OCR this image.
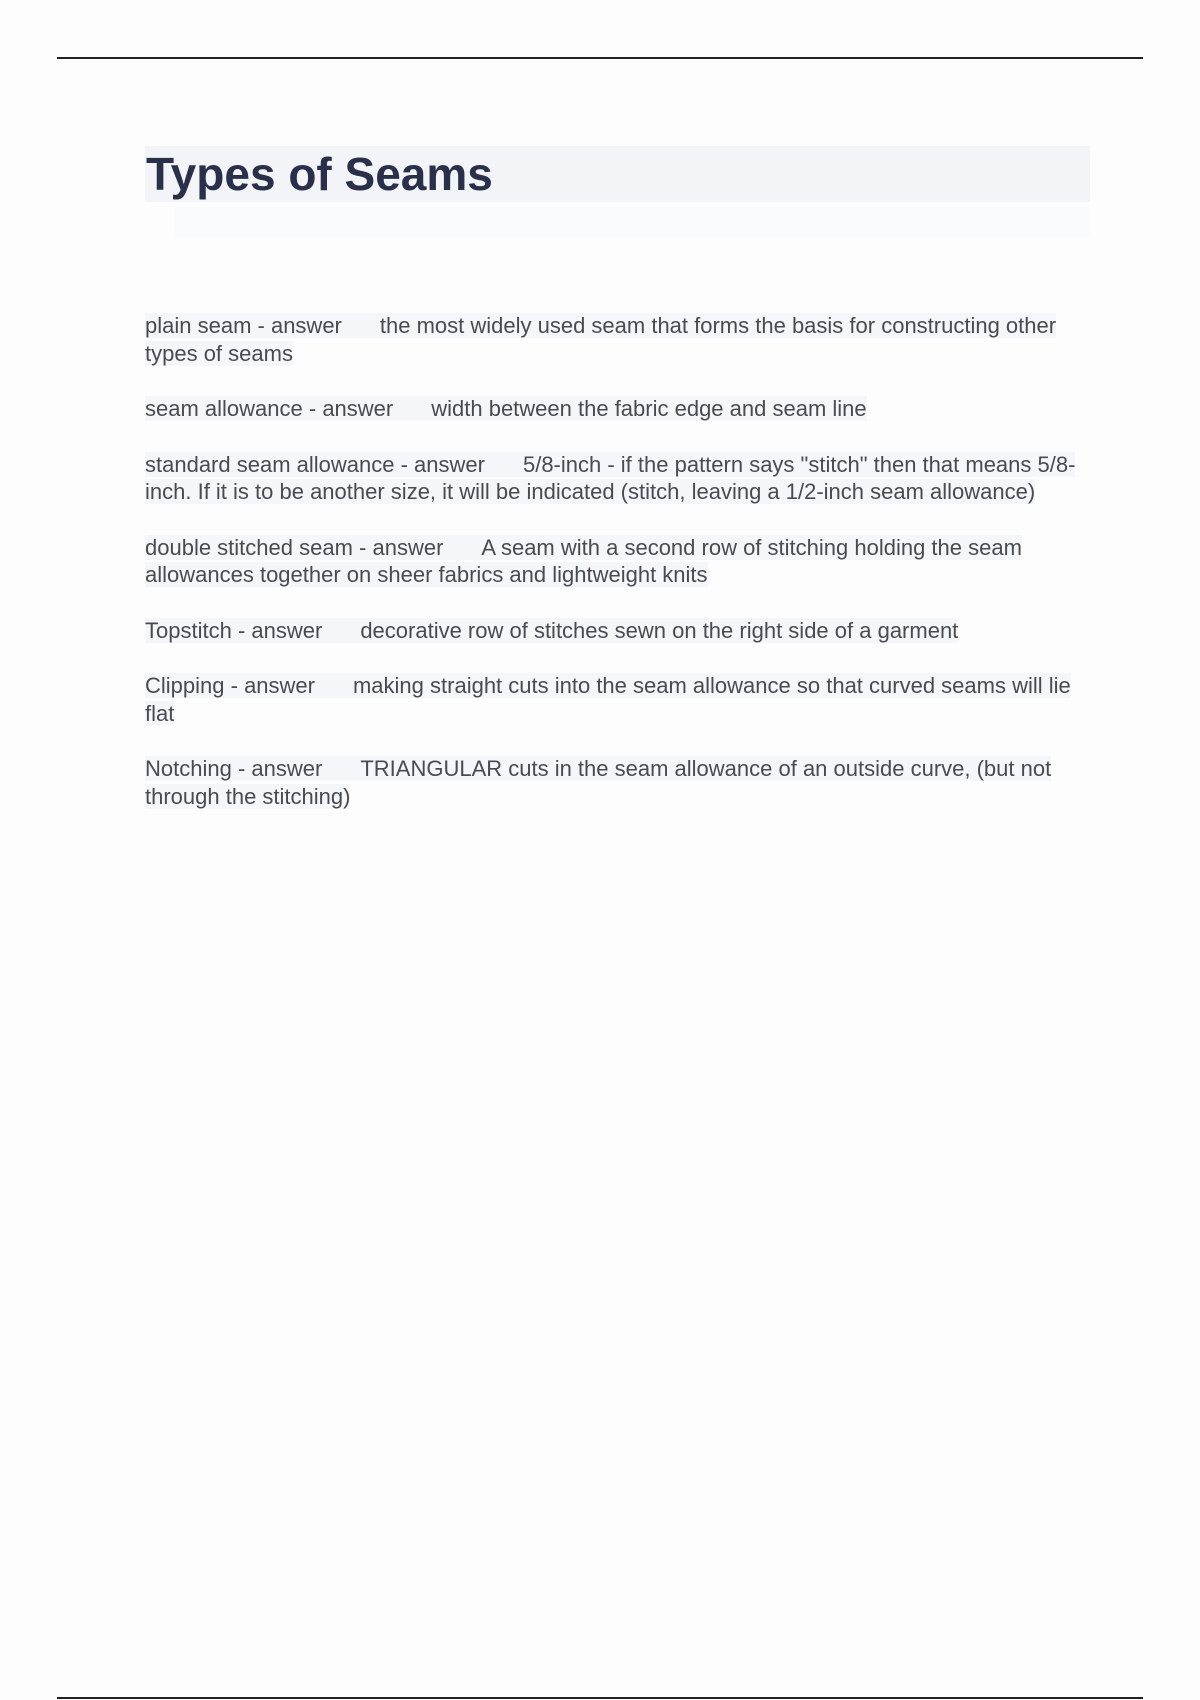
Types of Seams
plain seam - answer the most widely used seam that forms the basis for constructing other types of seams
seam allowance - answer width between the fabric edge and seam line
standard seam allowance - answer 5/8-inch - if the pattern says "stitch" then that means 5/8-inch. If it is to be another size, it will be indicated (stitch, leaving a 1/2-inch seam allowance)
double stitched seam - answer A seam with a second row of stitching holding the seam allowances together on sheer fabrics and lightweight knits
Topstitch - answer decorative row of stitches sewn on the right side of a garment
Clipping - answer making straight cuts into the seam allowance so that curved seams will lie flat
Notching - answer TRIANGULAR cuts in the seam allowance of an outside curve, (but not through the stitching)
